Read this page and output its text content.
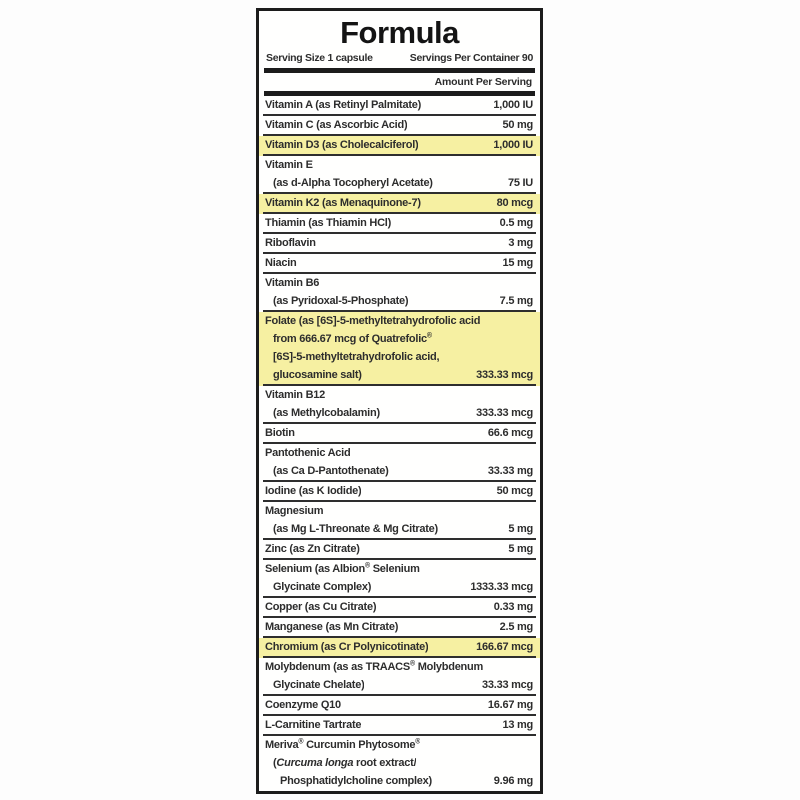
Formula
Serving Size 1 capsule	Servings Per Container 90
Amount Per Serving
Vitamin A (as Retinyl Palmitate)	1,000 IU
Vitamin C (as Ascorbic Acid)	50 mg
Vitamin D3 (as Cholecalciferol)	1,000 IU
Vitamin E
(as d-Alpha Tocopheryl Acetate)	75 IU
Vitamin K2 (as Menaquinone-7)	80 mcg
Thiamin (as Thiamin HCl)	0.5 mg
Riboflavin	3 mg
Niacin	15 mg
Vitamin B6
(as Pyridoxal-5-Phosphate)	7.5 mg
Folate (as [6S]-5-methyltetrahydrofolic acid
from 666.67 mcg of Quatrefolic®
[6S]-5-methyltetrahydrofolic acid,
glucosamine salt)	333.33 mcg
Vitamin B12
(as Methylcobalamin)	333.33 mcg
Biotin	66.6 mcg
Pantothenic Acid
(as Ca D-Pantothenate)	33.33 mg
Iodine (as K Iodide)	50 mcg
Magnesium
(as Mg L-Threonate & Mg Citrate)	5 mg
Zinc (as Zn Citrate)	5 mg
Selenium (as Albion® Selenium
Glycinate Complex)	1333.33 mcg
Copper (as Cu Citrate)	0.33 mg
Manganese (as Mn Citrate)	2.5 mg
Chromium (as Cr Polynicotinate)	166.67 mcg
Molybdenum (as as TRAACS® Molybdenum
Glycinate Chelate)	33.33 mcg
Coenzyme Q10	16.67 mg
L-Carnitine Tartrate	13 mg
Meriva® Curcumin Phytosome®
(Curcuma longa root extract/
Phosphatidylcholine complex)	9.96 mg
